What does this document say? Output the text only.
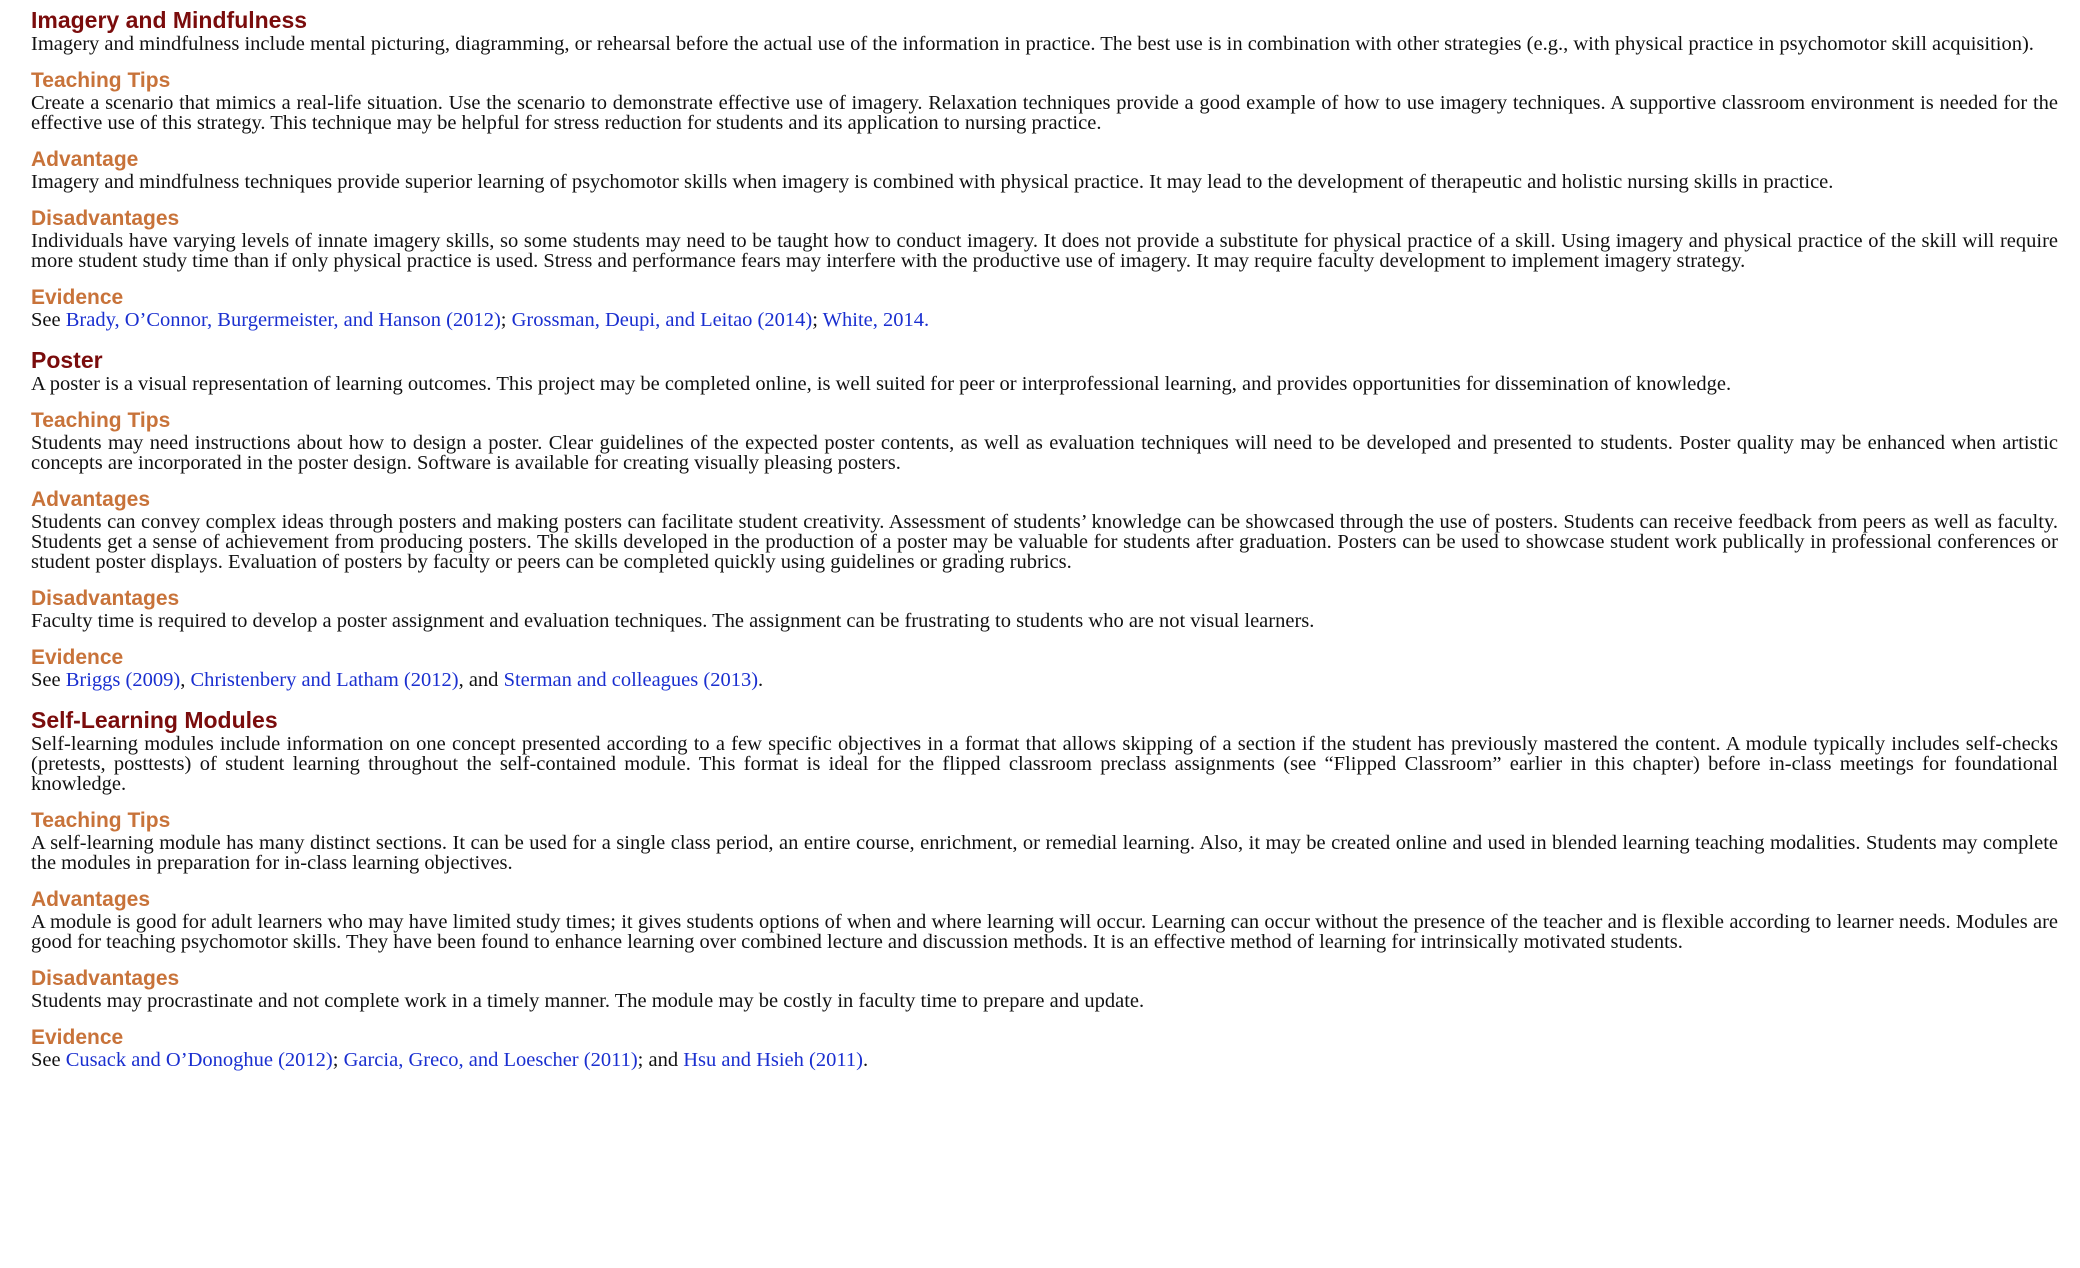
Imagery and Mindfulness

Imagery and mindfulness include mental picturing, diagramming, or rehearsal before the actual use of the information in practice. The best use is in combination with other strategies (e.g., with physical practice in psychomotor skill acquisition).

Teaching Tips

Create a scenario that mimics a real-life situation. Use the scenario to demonstrate effective use of imagery. Relaxation techniques provide a good example of how to use imagery techniques. A supportive classroom environment is needed for the effective use of this strategy. This technique may be helpful for stress reduction for students and its application to nursing practice.

Advantage

Imagery and mindfulness techniques provide superior learning of psychomotor skills when imagery is combined with physical practice. It may lead to the development of therapeutic and holistic nursing skills in practice.

Disadvantages

Individuals have varying levels of innate imagery skills, so some students may need to be taught how to conduct imagery. It does not provide a substitute for physical practice of a skill. Using imagery and physical practice of the skill will require more student study time than if only physical practice is used. Stress and performance fears may interfere with the productive use of imagery. It may require faculty development to implement imagery strategy.

Evidence

See Brady, O’Connor, Burgermeister, and Hanson (2012); Grossman, Deupi, and Leitao (2014); White, 2014.

Poster

A poster is a visual representation of learning outcomes. This project may be completed online, is well suited for peer or interprofessional learning, and provides opportunities for dissemination of knowledge.

Teaching Tips

Students may need instructions about how to design a poster. Clear guidelines of the expected poster contents, as well as evaluation techniques will need to be developed and presented to students. Poster quality may be enhanced when artistic concepts are incorporated in the poster design. Software is available for creating visually pleasing posters.

Advantages

Students can convey complex ideas through posters and making posters can facilitate student creativity. Assessment of students’ knowledge can be showcased through the use of posters. Students can receive feedback from peers as well as faculty. Students get a sense of achievement from producing posters. The skills developed in the production of a poster may be valuable for students after graduation. Posters can be used to showcase student work publically in professional conferences or student poster displays. Evaluation of posters by faculty or peers can be completed quickly using guidelines or grading rubrics.

Disadvantages

Faculty time is required to develop a poster assignment and evaluation techniques. The assignment can be frustrating to students who are not visual learners.

Evidence

See Briggs (2009), Christenbery and Latham (2012), and Sterman and colleagues (2013).

Self-Learning Modules

Self-learning modules include information on one concept presented according to a few specific objectives in a format that allows skipping of a section if the student has previously mastered the content. A module typically includes self-checks (pretests, posttests) of student learning throughout the self-contained module. This format is ideal for the flipped classroom preclass assignments (see “Flipped Classroom” earlier in this chapter) before in-class meetings for foundational knowledge.

Teaching Tips

A self-learning module has many distinct sections. It can be used for a single class period, an entire course, enrichment, or remedial learning. Also, it may be created online and used in blended learning teaching modalities. Students may complete the modules in preparation for in-class learning objectives.

Advantages

A module is good for adult learners who may have limited study times; it gives students options of when and where learning will occur. Learning can occur without the presence of the teacher and is flexible according to learner needs. Modules are good for teaching psychomotor skills. They have been found to enhance learning over combined lecture and discussion methods. It is an effective method of learning for intrinsically motivated students.

Disadvantages

Students may procrastinate and not complete work in a timely manner. The module may be costly in faculty time to prepare and update.

Evidence

See Cusack and O’Donoghue (2012); Garcia, Greco, and Loescher (2011); and Hsu and Hsieh (2011).
